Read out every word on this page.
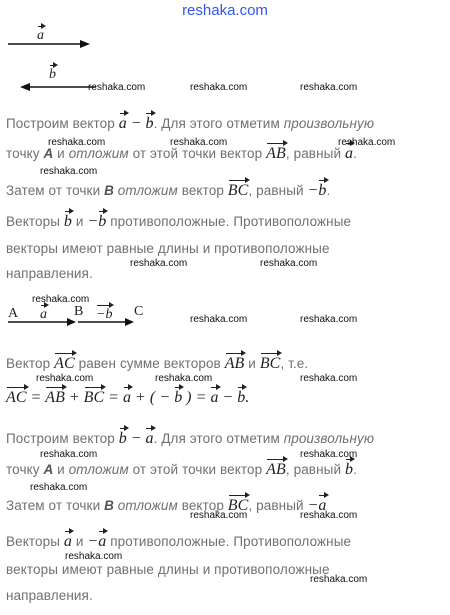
reshaka.com
a
b
Построим вектор a − b. Для этого отметим произвольную
точку A и отложим от этой точки вектор AB, равный a.
Затем от точки B отложим вектор BC, равный −b.
Векторы b и −b противоположные. Противоположные
векторы имеют равные длины и противоположные
направления.
A a B −b C
Вектор AC равен сумме векторов AB и BC, т.е.
AC = AB + BC = a + ( − b ) = a − b.
Построим вектор b − a. Для этого отметим произвольную
точку A и отложим от этой точки вектор AB, равный b.
Затем от точки B отложим вектор BC, равный −a
Векторы a и −a противоположные. Противоположные
векторы имеют равные длины и противоположные
направления.
reshaka.com	reshaka.com	reshaka.com
reshaka.com	reshaka.com	reshaka.com
reshaka.com
reshaka.com	reshaka.com
reshaka.com
reshaka.com	reshaka.com
reshaka.com	reshaka.com	reshaka.com
reshaka.com	reshaka.com
reshaka.com
reshaka.com	reshaka.com
reshaka.com
reshaka.com
